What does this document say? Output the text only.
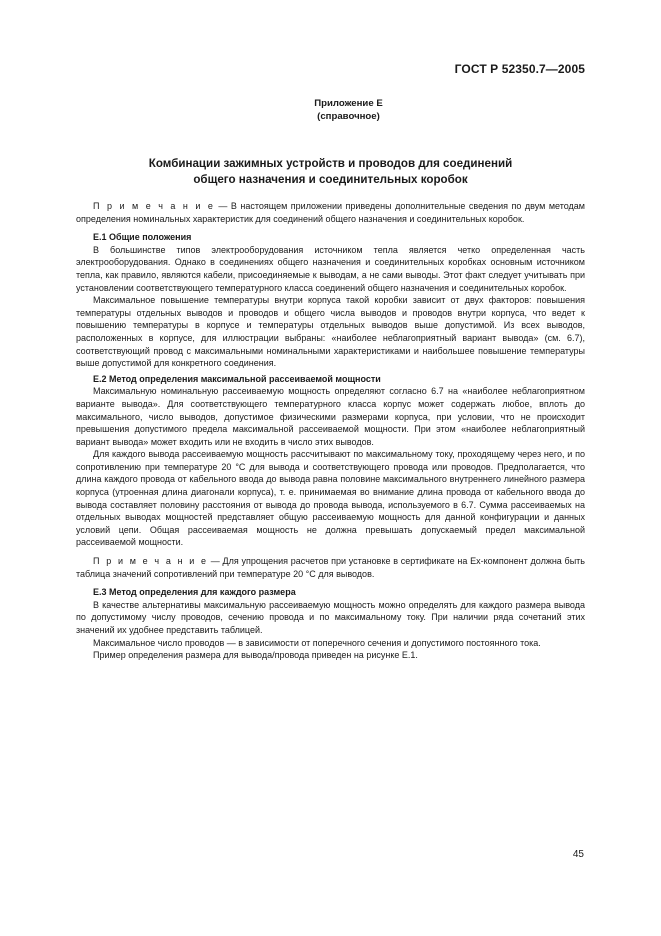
ГОСТ Р 52350.7—2005
Приложение Е
(справочное)
Комбинации зажимных устройств и проводов для соединений
общего назначения и соединительных коробок

П р и м е ч а н и е — В настоящем приложении приведены дополнительные сведения по двум методам определения номинальных характеристик для соединений общего назначения и соединительных коробок.

Е.1 Общие положения

В большинстве типов электрооборудования источником тепла является четко определенная часть электрооборудования. Однако в соединениях общего назначения и соединительных коробках основным источником тепла, как правило, являются кабели, присоединяемые к выводам, а не сами выводы. Этот факт следует учитывать при установлении соответствующего температурного класса соединений общего назначения и соединительных коробок.

Максимальное повышение температуры внутри корпуса такой коробки зависит от двух факторов: повышения температуры отдельных выводов и проводов и общего числа выводов и проводов внутри корпуса, что ведет к повышению температуры в корпусе и температуры отдельных выводов выше допустимой. Из всех выводов, расположенных в корпусе, для иллюстрации выбраны: «наиболее неблагоприятный вариант вывода» (см. 6.7), соответствующий провод с максимальными номинальными характеристиками и наибольшее повышение температуры выше допустимой для конкретного соединения.

Е.2 Метод определения максимальной рассеиваемой мощности

Максимальную номинальную рассеиваемую мощность определяют согласно 6.7 на «наиболее неблагоприятном варианте вывода». Для соответствующего температурного класса корпус может содержать любое, вплоть до максимального, число выводов, допустимое физическими размерами корпуса, при условии, что не происходит превышения допустимого предела максимальной рассеиваемой мощности. При этом «наиболее неблагоприятный вариант вывода» может входить или не входить в число этих выводов.

Для каждого вывода рассеиваемую мощность рассчитывают по максимальному току, проходящему через него, и по сопротивлению при температуре 20 °С для вывода и соответствующего провода или проводов. Предполагается, что длина каждого провода от кабельного ввода до вывода равна половине максимального внутреннего линейного размера корпуса (утроенная длина диагонали корпуса), т. е. принимаемая во внимание длина провода от кабельного ввода до вывода составляет половину расстояния от вывода до провода вывода, используемого в 6.7. Сумма рассеиваемых на отдельных выводах мощностей представляет общую рассеиваемую мощность для данной конфигурации и данных условий цепи. Общая рассеиваемая мощность не должна превышать допускаемый предел максимальной рассеиваемой мощности.

П р и м е ч а н и е — Для упрощения расчетов при установке в сертификате на Ех-компонент должна быть таблица значений сопротивлений при температуре 20 °С для выводов.

Е.3 Метод определения для каждого размера

В качестве альтернативы максимальную рассеиваемую мощность можно определять для каждого размера вывода по допустимому числу проводов, сечению провода и по максимальному току. При наличии ряда сочетаний этих значений их удобнее представить таблицей.

Максимальное число проводов — в зависимости от поперечного сечения и допустимого постоянного тока.

Пример определения размера для вывода/провода приведен на рисунке Е.1.

45
